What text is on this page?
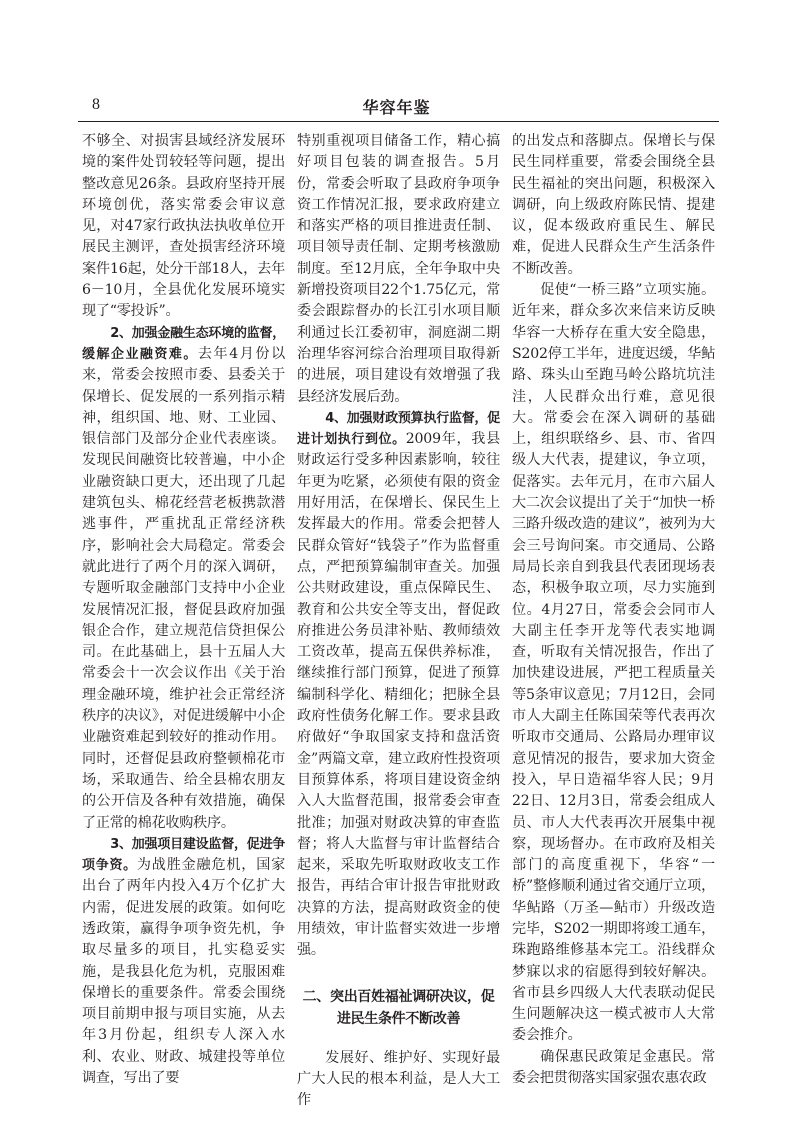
8	华容年鉴

不够全、对损害县域经济发展环境的案件处罚较轻等问题，提出整改意见26条。县政府坚持开展环境创优，落实常委会审议意见，对47家行政执法执收单位开展民主测评，查处损害经济环境案件16起，处分干部18人，去年6－10月，全县优化发展环境实现了“零投诉”。

2、加强金融生态环境的监督，缓解企业融资难。去年4月份以来，常委会按照市委、县委关于保增长、促发展的一系列指示精神，组织国、地、财、工业园、银信部门及部分企业代表座谈。发现民间融资比较普遍，中小企业融资缺口更大，还出现了几起建筑包头、棉花经营老板携款潜逃事件，严重扰乱正常经济秩序，影响社会大局稳定。常委会就此进行了两个月的深入调研，专题听取金融部门支持中小企业发展情况汇报，督促县政府加强银企合作，建立规范信贷担保公司。在此基础上，县十五届人大常委会十一次会议作出《关于治理金融环境，维护社会正常经济秩序的决议》，对促进缓解中小企业融资难起到较好的推动作用。同时，还督促县政府整顿棉花市场，采取通告、给全县棉农朋友的公开信及各种有效措施，确保了正常的棉花收购秩序。

3、加强项目建设监督，促进争项争资。为战胜金融危机，国家出台了两年内投入4万个亿扩大内需，促进发展的政策。如何吃透政策，赢得争项争资先机，争取尽量多的项目，扎实稳妥实施，是我县化危为机，克服困难保增长的重要条件。常委会围绕项目前期申报与项目实施，从去年3月份起，组织专人深入水利、农业、财政、城建投等单位调查，写出了要

特别重视项目储备工作，精心搞好项目包装的调查报告。5月份，常委会听取了县政府争项争资工作情况汇报，要求政府建立和落实严格的项目推进责任制、项目领导责任制、定期考核激励制度。至12月底，全年争取中央新增投资项目22个1.75亿元，常委会跟踪督办的长江引水项目顺利通过长江委初审，洞庭湖二期治理华容河综合治理项目取得新的进展，项目建设有效增强了我县经济发展后劲。

4、加强财政预算执行监督，促进计划执行到位。2009年，我县财政运行受多种因素影响，较往年更为吃紧，必须使有限的资金用好用活，在保增长、保民生上发挥最大的作用。常委会把替人民群众管好“钱袋子”作为监督重点，严把预算编制审查关。加强公共财政建设，重点保障民生、教育和公共安全等支出，督促政府推进公务员津补贴、教师绩效工资改革，提高五保供养标准，继续推行部门预算，促进了预算编制科学化、精细化；把脉全县政府性债务化解工作。要求县政府做好“争取国家支持和盘活资金”两篇文章，建立政府性投资项目预算体系，将项目建设资金纳入人大监督范围，报常委会审查批准；加强对财政决算的审查监督；将人大监督与审计监督结合起来，采取先听取财政收支工作报告，再结合审计报告审批财政决算的方法，提高财政资金的使用绩效，审计监督实效进一步增强。

二、突出百姓福祉调研决议，促进民生条件不断改善

发展好、维护好、实现好最广大人民的根本利益，是人大工作

的出发点和落脚点。保增长与保民生同样重要，常委会围绕全县民生福祉的突出问题，积极深入调研，向上级政府陈民情、提建议，促本级政府重民生、解民难，促进人民群众生产生活条件不断改善。

促使“一桥三路”立项实施。近年来，群众多次来信来访反映华容一大桥存在重大安全隐患，S202停工半年，进度迟缓，华鲇路、珠头山至跑马岭公路坑坑洼洼，人民群众出行难，意见很大。常委会在深入调研的基础上，组织联络乡、县、市、省四级人大代表，提建议，争立项，促落实。去年元月，在市六届人大二次会议提出了关于“加快一桥三路升级改造的建议”，被列为大会三号询问案。市交通局、公路局局长亲自到我县代表团现场表态，积极争取立项，尽力实施到位。4月27日，常委会会同市人大副主任李开龙等代表实地调查，听取有关情况报告，作出了加快建设进展，严把工程质量关等5条审议意见；7月12日，会同市人大副主任陈国荣等代表再次听取市交通局、公路局办理审议意见情况的报告，要求加大资金投入，早日造福华容人民；9月22日、12月3日，常委会组成人员、市人大代表再次开展集中视察，现场督办。在市政府及相关部门的高度重视下，华容“一桥”整修顺利通过省交通厅立项，华鲇路（万圣—鲇市）升级改造完毕，S202一期即将竣工通车，珠跑路维修基本完工。沿线群众梦寐以求的宿愿得到较好解决。省市县乡四级人大代表联动促民生问题解决这一模式被市人大常委会推介。

确保惠民政策足金惠民。常委会把贯彻落实国家强农惠农政
